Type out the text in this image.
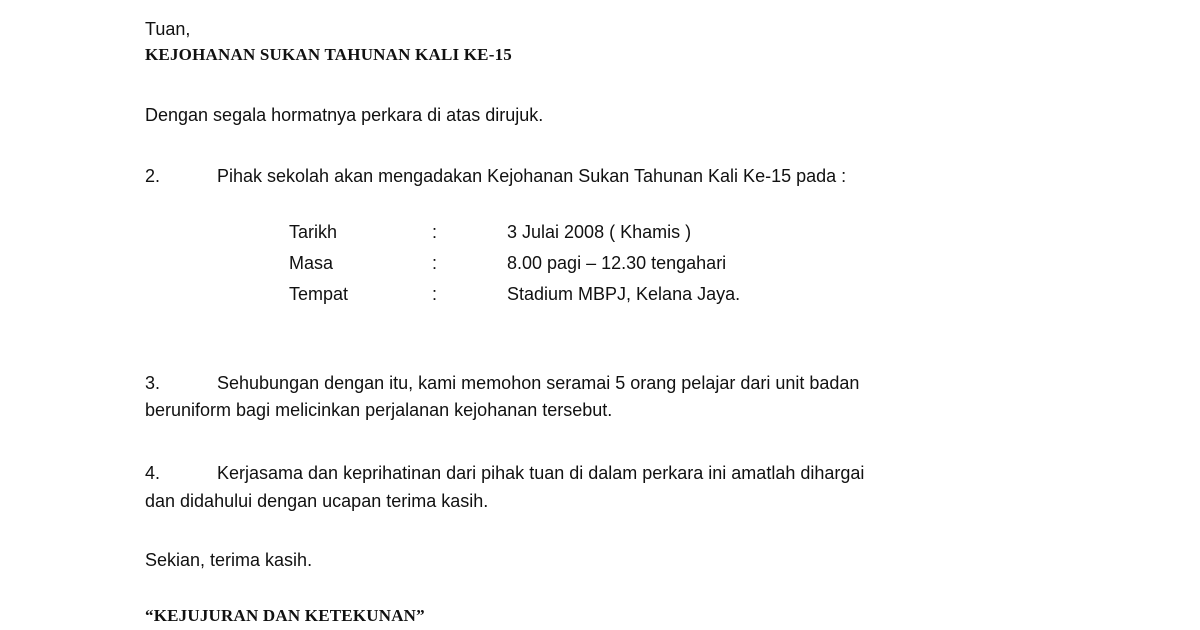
Tuan,
KEJOHANAN SUKAN TAHUNAN KALI KE-15
Dengan segala hormatnya perkara di atas dirujuk.
2.	Pihak sekolah akan mengadakan Kejohanan Sukan Tahunan Kali Ke-15 pada :
Tarikh	:	3 Julai 2008 ( Khamis )
Masa	:	8.00 pagi – 12.30 tengahari
Tempat	:	Stadium MBPJ, Kelana Jaya.
3.	Sehubungan dengan itu, kami memohon seramai 5 orang pelajar dari unit badan
beruniform bagi melicinkan perjalanan kejohanan tersebut.
4.	Kerjasama dan keprihatinan dari pihak tuan di dalam perkara ini amatlah dihargai
dan didahului dengan ucapan terima kasih.
Sekian, terima kasih.
“KEJUJURAN DAN KETEKUNAN”
